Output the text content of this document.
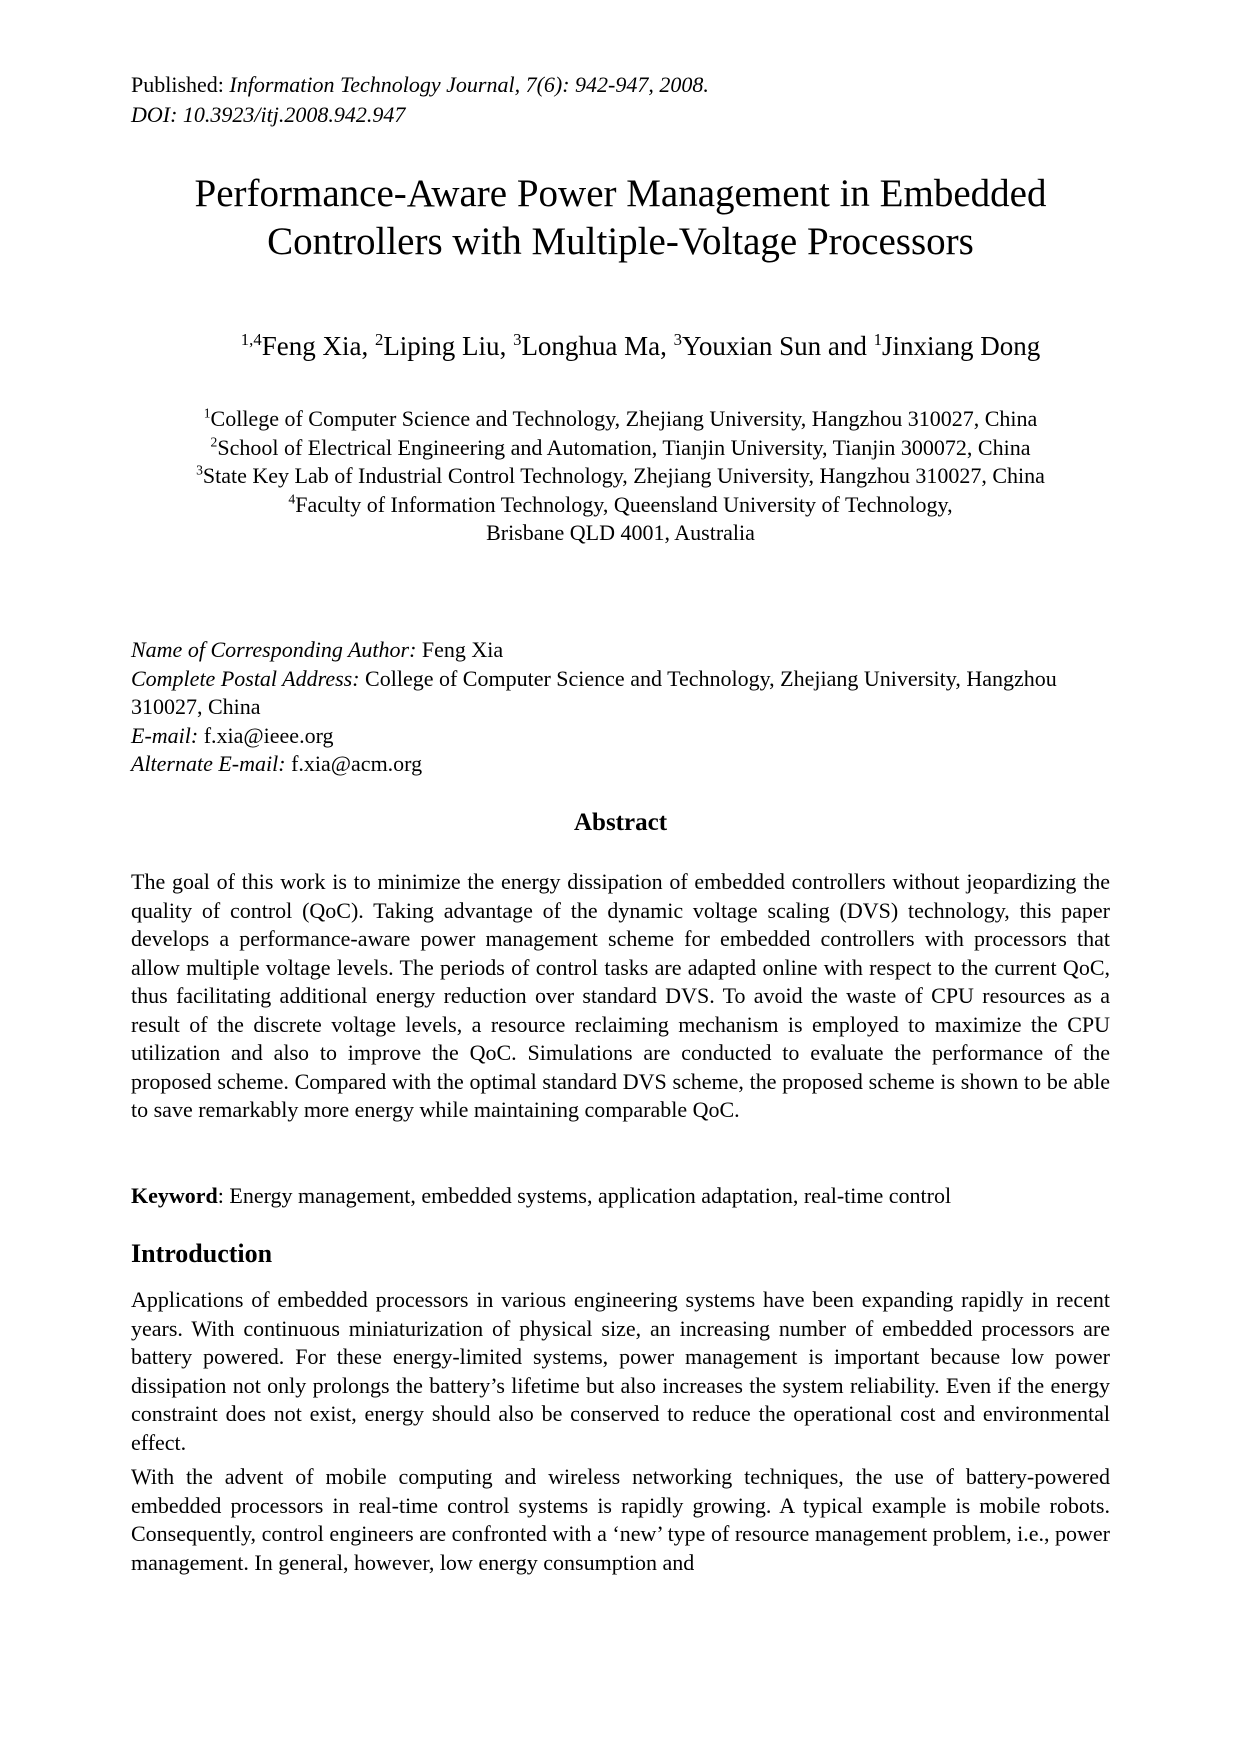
Published: Information Technology Journal, 7(6): 942-947, 2008.
DOI: 10.3923/itj.2008.942.947
Performance-Aware Power Management in Embedded
Controllers with Multiple-Voltage Processors
$^{1,4}$Feng Xia, $^2$Liping Liu, $^3$Longhua Ma, $^3$Youxian Sun and $^1$Jinxiang Dong
$^1$College of Computer Science and Technology, Zhejiang University, Hangzhou 310027, China
$^2$School of Electrical Engineering and Automation, Tianjin University, Tianjin 300072, China
$^3$State Key Lab of Industrial Control Technology, Zhejiang University, Hangzhou 310027, China
$^4$Faculty of Information Technology, Queensland University of Technology, Brisbane QLD 4001, Australia
Name of Corresponding Author: Feng Xia
Complete Postal Address: College of Computer Science and Technology, Zhejiang University, Hangzhou 310027, China
E-mail: f.xia@ieee.org
Alternate E-mail: f.xia@acm.org
Abstract

The goal of this work is to minimize the energy dissipation of embedded controllers without jeopardizing the quality of control (QoC). Taking advantage of the dynamic voltage scaling (DVS) technology, this paper develops a performance-aware power management scheme for embedded controllers with processors that allow multiple voltage levels. The periods of control tasks are adapted online with respect to the current QoC, thus facilitating additional energy reduction over standard DVS. To avoid the waste of CPU resources as a result of the discrete voltage levels, a resource reclaiming mechanism is employed to maximize the CPU utilization and also to improve the QoC. Simulations are conducted to evaluate the performance of the proposed scheme. Compared with the optimal standard DVS scheme, the proposed scheme is shown to be able to save remarkably more energy while maintaining comparable QoC.

Keyword: Energy management, embedded systems, application adaptation, real-time control

Introduction

Applications of embedded processors in various engineering systems have been expanding rapidly in recent years. With continuous miniaturization of physical size, an increasing number of embedded processors are battery powered. For these energy-limited systems, power management is important because low power dissipation not only prolongs the battery’s lifetime but also increases the system reliability. Even if the energy constraint does not exist, energy should also be conserved to reduce the operational cost and environmental effect.

With the advent of mobile computing and wireless networking techniques, the use of battery-powered embedded processors in real-time control systems is rapidly growing. A typical example is mobile robots. Consequently, control engineers are confronted with a ‘new’ type of resource management problem, i.e., power management. In general, however, low energy consumption and
